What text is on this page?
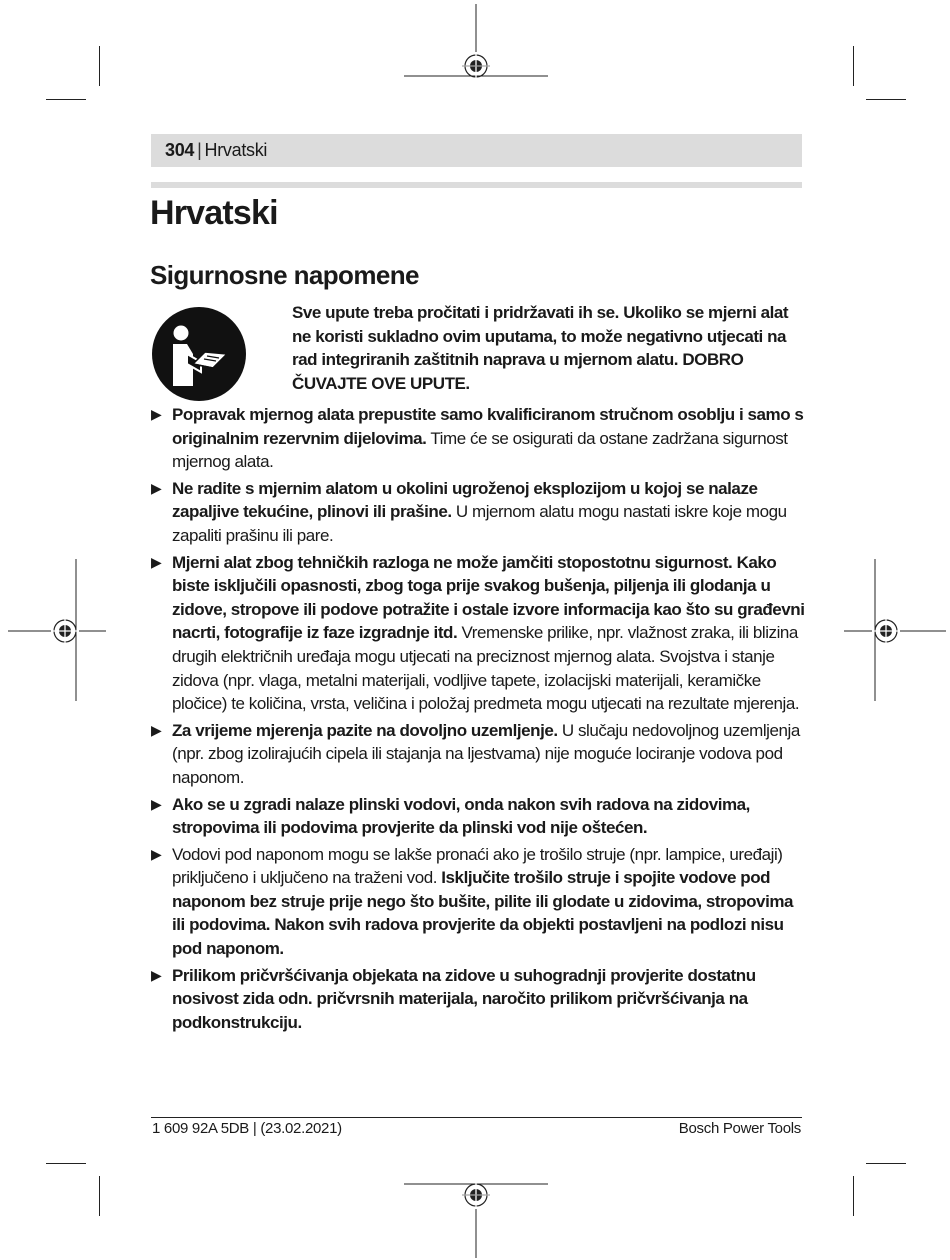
304 | Hrvatski
Hrvatski
Sigurnosne napomene
Sve upute treba pročitati i pridržavati ih se. Ukoliko se mjerni alat ne koristi sukladno ovim uputama, to može negativno utjecati na rad integriranih zaštitnih naprava u mjernom alatu. DOBRO ČUVAJTE OVE UPUTE.
▶ Popravak mjernog alata prepustite samo kvalificiranom stručnom osoblju i samo s originalnim rezervnim dijelovima. Time će se osigurati da ostane zadržana sigurnost mjernog alata.
▶ Ne radite s mjernim alatom u okolini ugroženoj eksplozijom u kojoj se nalaze zapaljive tekućine, plinovi ili prašine. U mjernom alatu mogu nastati iskre koje mogu zapaliti prašinu ili pare.
▶ Mjerni alat zbog tehničkih razloga ne može jamčiti stopostotnu sigurnost. Kako biste isključili opasnosti, zbog toga prije svakog bušenja, piljenja ili glodanja u zidove, stropove ili podove potražite i ostale izvore informacija kao što su građevni nacrti, fotografije iz faze izgradnje itd. Vremenske prilike, npr. vlažnost zraka, ili blizina drugih električnih uređaja mogu utjecati na preciznost mjernog alata. Svojstva i stanje zidova (npr. vlaga, metalni materijali, vodljive tapete, izolacijski materijali, keramičke pločice) te količina, vrsta, veličina i položaj predmeta mogu utjecati na rezultate mjerenja.
▶ Za vrijeme mjerenja pazite na dovoljno uzemljenje. U slučaju nedovoljnog uzemljenja (npr. zbog izolirajućih cipela ili stajanja na ljestvama) nije moguće lociranje vodova pod naponom.
▶ Ako se u zgradi nalaze plinski vodovi, onda nakon svih radova na zidovima, stropovima ili podovima provjerite da plinski vod nije oštećen.
▶ Vodovi pod naponom mogu se lakše pronaći ako je trošilo struje (npr. lampice, uređaji) priključeno i uključeno na traženi vod. Isključite trošilo struje i spojite vodove pod naponom bez struje prije nego što bušite, pilite ili glodate u zidovima, stropovima ili podovima. Nakon svih radova provjerite da objekti postavljeni na podlozi nisu pod naponom.
▶ Prilikom pričvršćivanja objekata na zidove u suhogradnji provjerite dostatnu nosivost zida odn. pričvrsnih materijala, naročito prilikom pričvršćivanja na podkonstrukciju.
1 609 92A 5DB | (23.02.2021)	Bosch Power Tools
